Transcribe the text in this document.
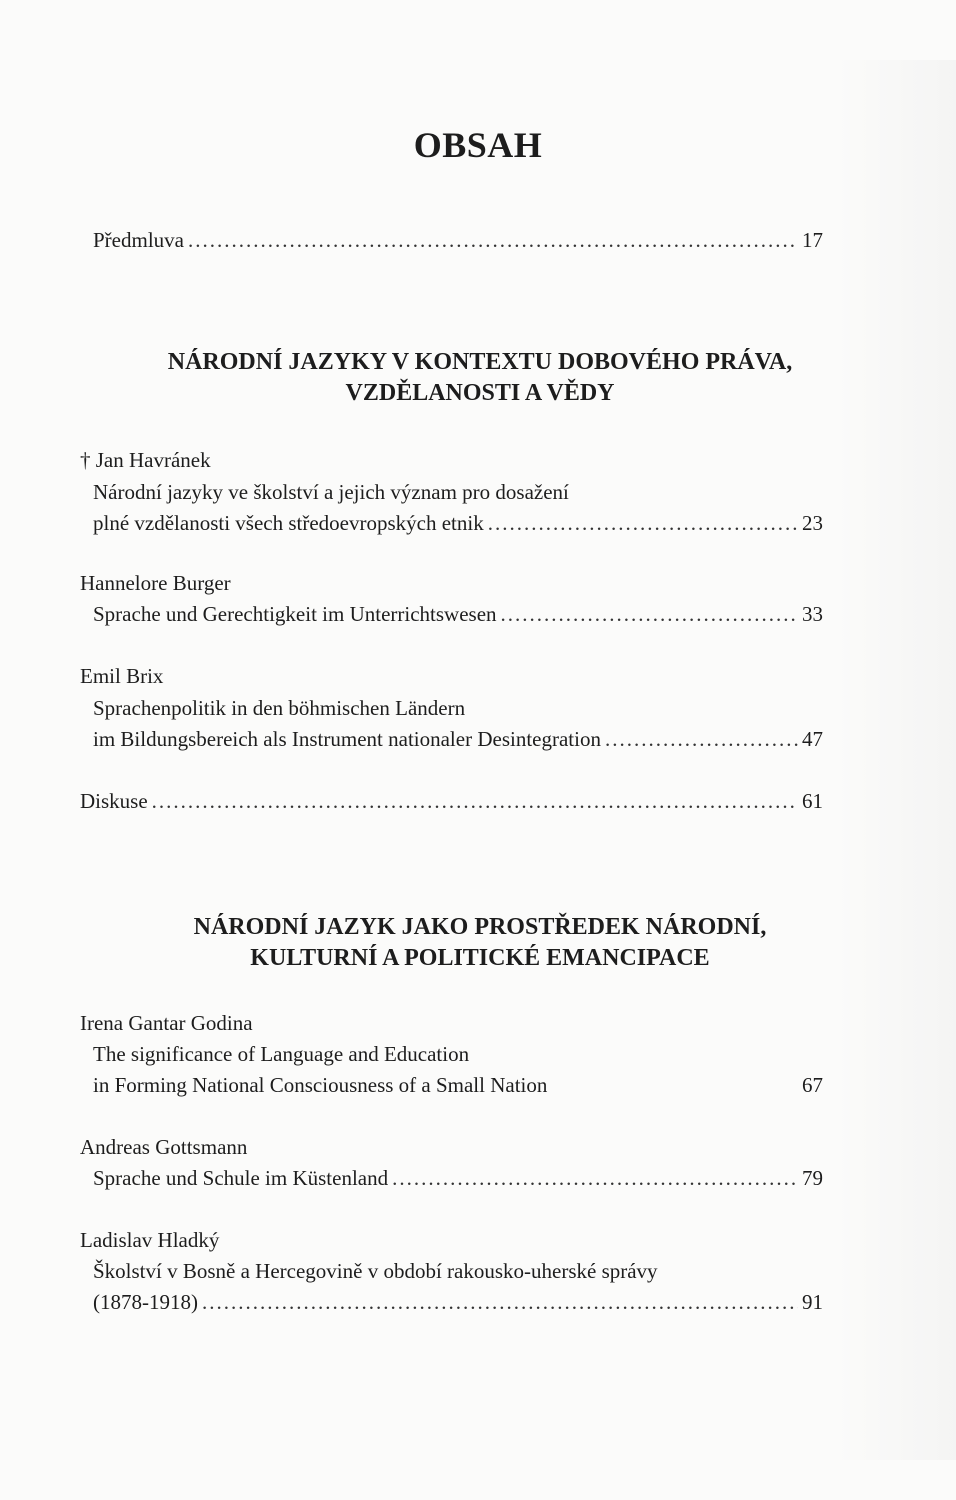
OBSAH
Předmluva .....	17
NÁRODNÍ JAZYKY V KONTEXTU DOBOVÉHO PRÁVA,
VZDĚLANOSTI A VĚDY
† Jan Havránek
Národní jazyky ve školství a jejich význam pro dosažení
plné vzdělanosti všech středoevropských etnik .....	23
Hannelore Burger
Sprache und Gerechtigkeit im Unterrichtswesen .....	33
Emil Brix
Sprachenpolitik in den böhmischen Ländern
im Bildungsbereich als Instrument nationaler Desintegration .....	47
Diskuse .....	61
NÁRODNÍ JAZYK JAKO PROSTŘEDEK NÁRODNÍ,
KULTURNÍ A POLITICKÉ EMANCIPACE
Irena Gantar Godina
The significance of Language and Education
in Forming National Consciousness of a Small Nation	67
Andreas Gottsmann
Sprache und Schule im Küstenland .....	79
Ladislav Hladký
Školství v Bosně a Hercegovině v období rakousko-uherské správy
(1878-1918) .....	91
